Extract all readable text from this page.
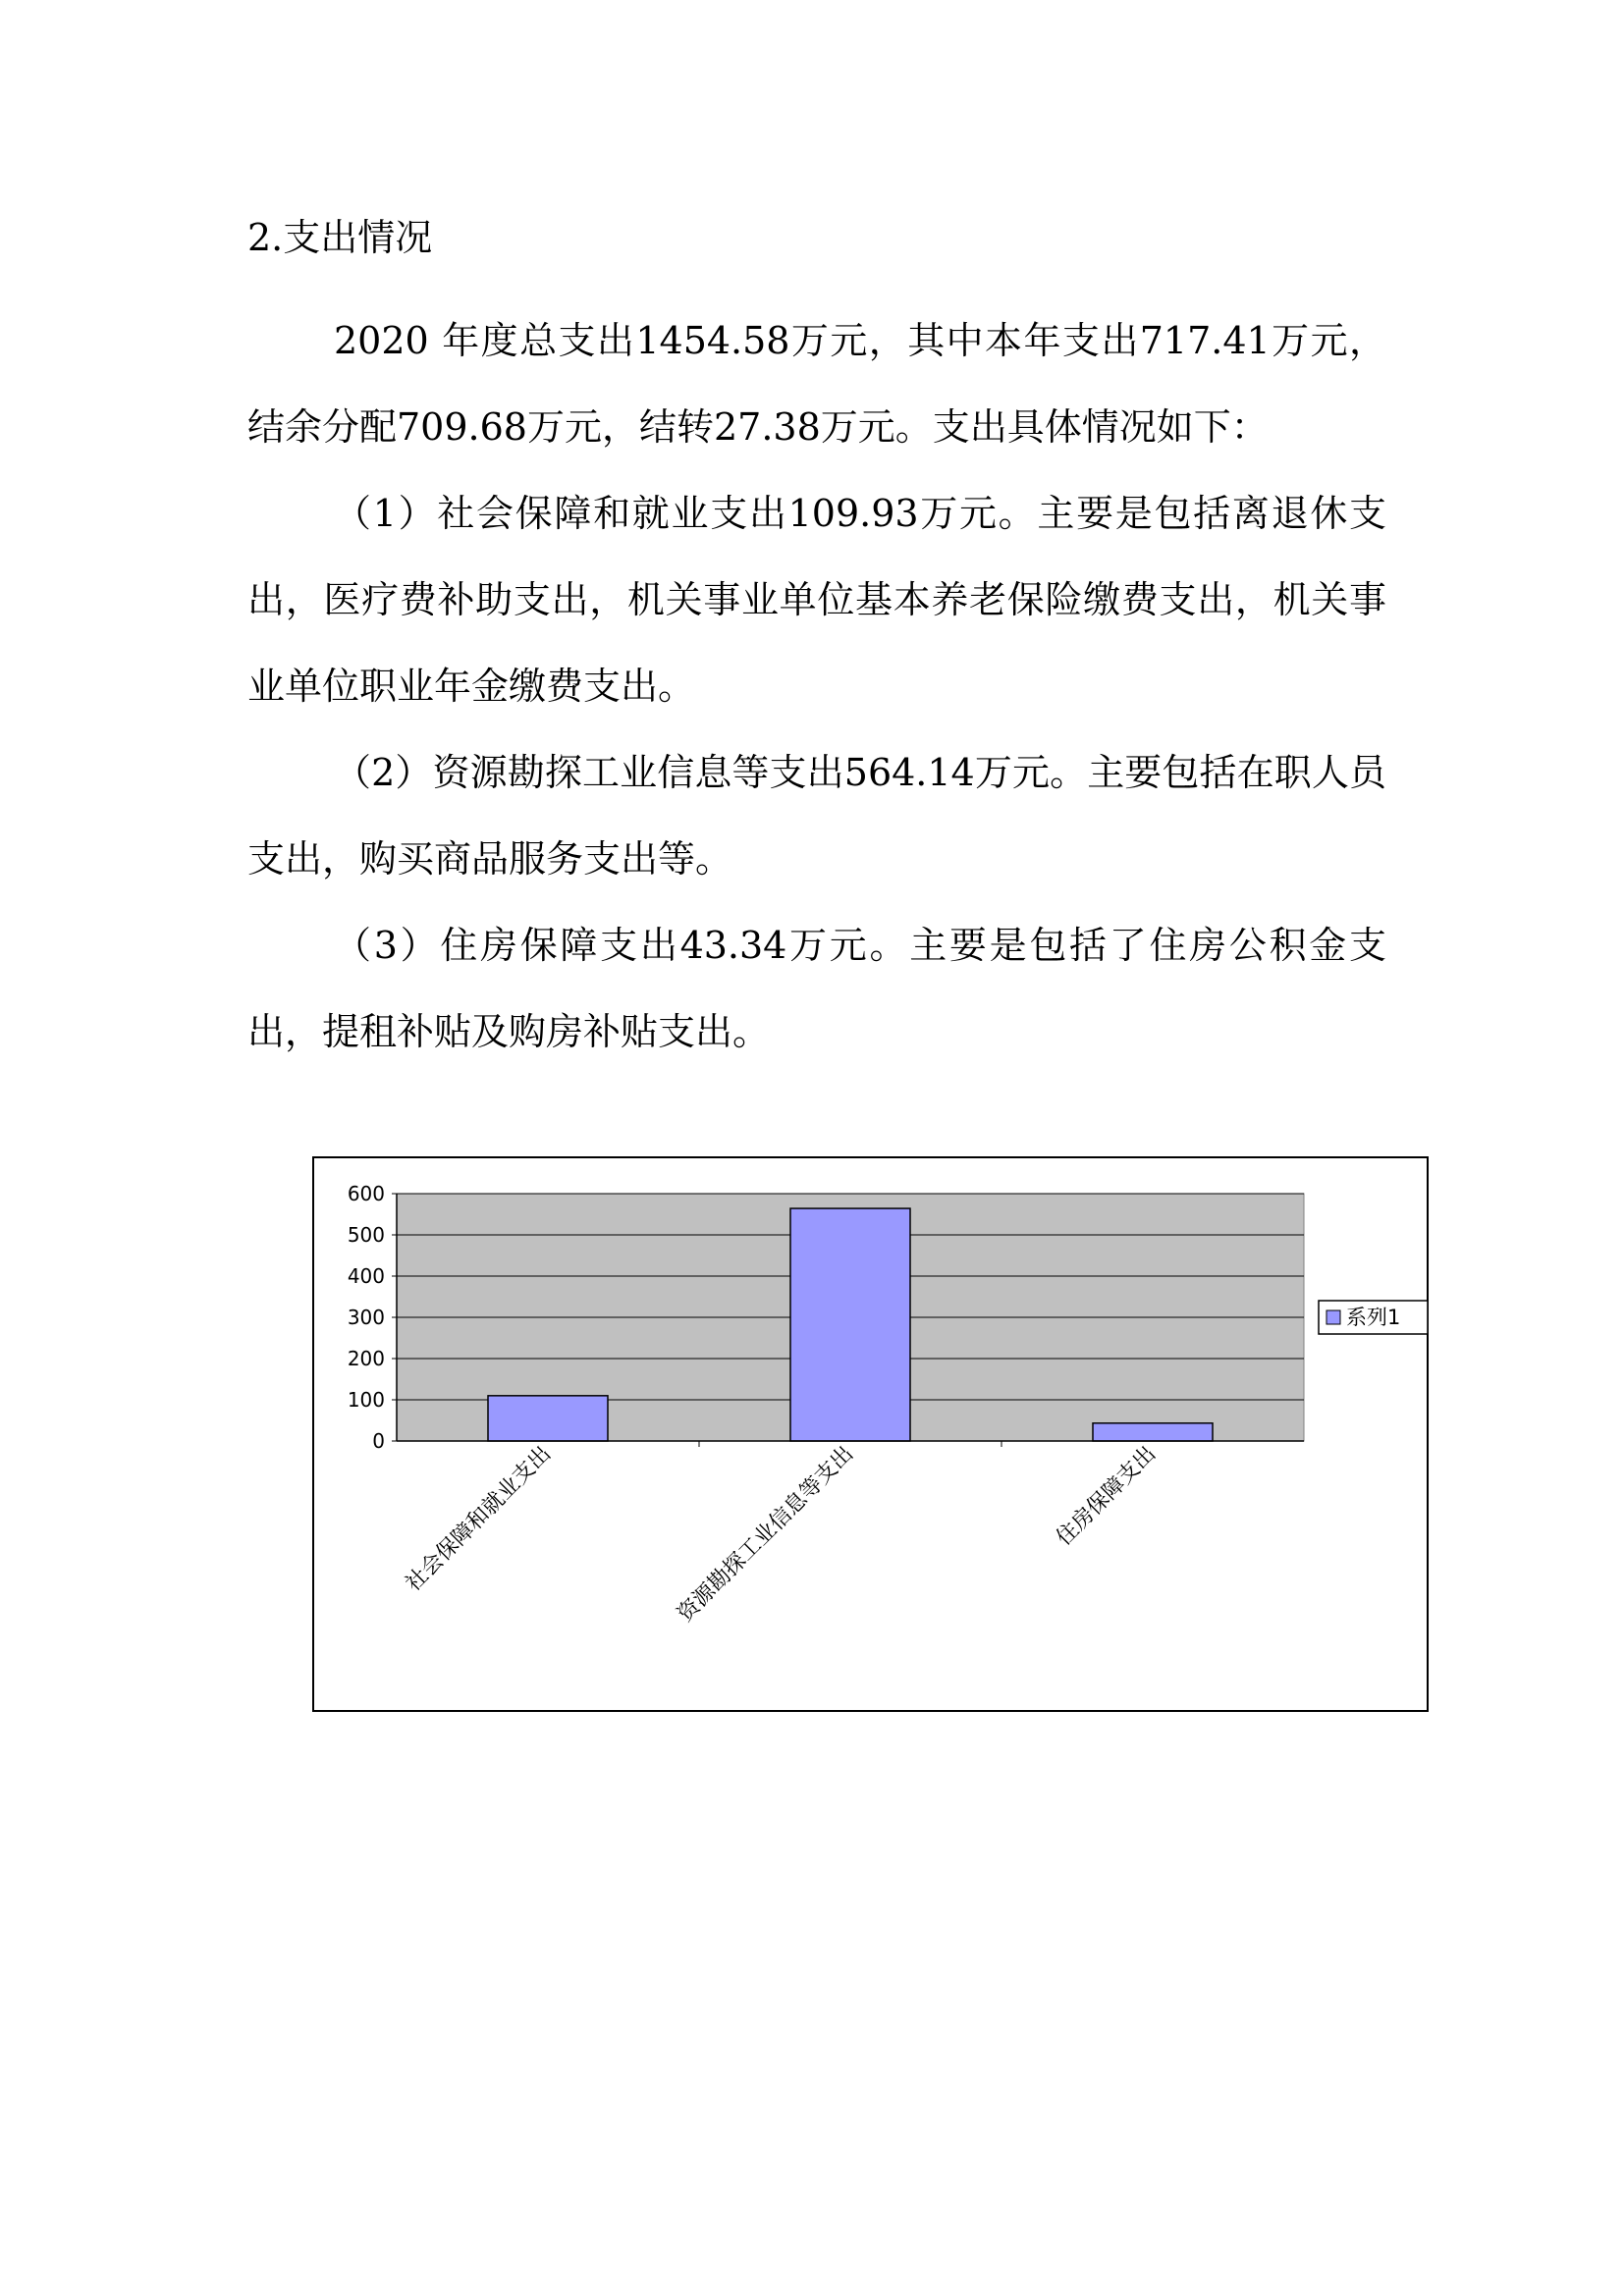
2.支出情况

2020 年度总支出1454.58万元，其中本年支出717.41万元，结余分配709.68万元，结转27.38万元。支出具体情况如下：

（1）社会保障和就业支出109.93万元。主要是包括离退休支出，医疗费补助支出，机关事业单位基本养老保险缴费支出，机关事业单位职业年金缴费支出。

（2）资源勘探工业信息等支出564.14万元。主要包括在职人员支出，购买商品服务支出等。

（3）住房保障支出43.34万元。主要是包括了住房公积金支出，提租补贴及购房补贴支出。

0
100
200
300
400
500
600
社会保障和就业支出	资源勘探工业信息等支出	住房保障支出
系列1
